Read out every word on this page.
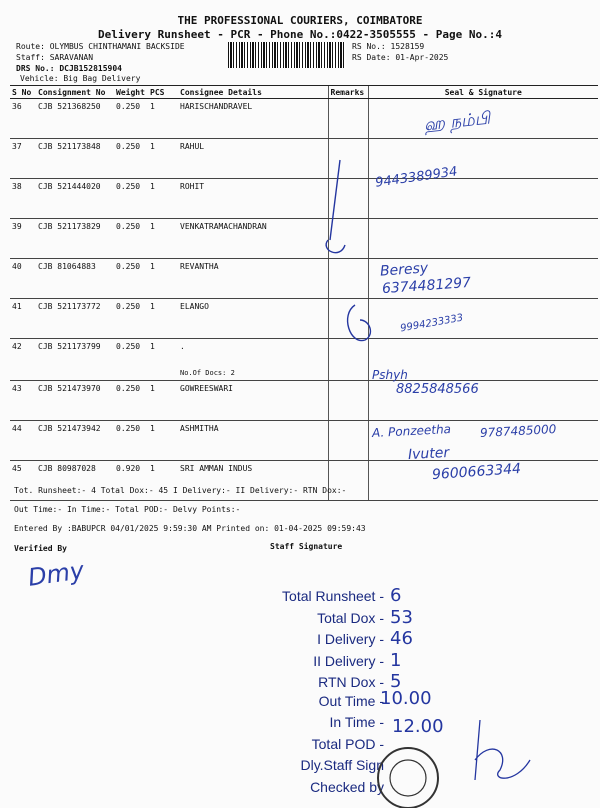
THE PROFESSIONAL COURIERS, COIMBATORE
Delivery Runsheet - PCR - Phone No.:0422-3505555 - Page No.:4
Route: OLYMBUS CHINTHAMANI BACKSIDE
Staff: SARAVANAN
DRS No.: DCJB152815904
Vehicle: Big Bag Delivery
RS No.: 1528159
RS Date: 01-Apr-2025
S No	Consignment No	Weight	PCS	Consignee Details	Remarks	Seal & Signature
36	CJB 521368250	0.250	1	HARISCHANDRAVEL

37	CJB 521173848	0.250	1	RAHUL

38	CJB 521444020	0.250	1	ROHIT

39	CJB 521173829	0.250	1	VENKATRAMACHANDRAN

40	CJB 81064883	0.250	1	REVANTHA

41	CJB 521173772	0.250	1	ELANGO

42	CJB 521173799	0.250	1	.
No.Of Docs: 2		

43	CJB 521473970	0.250	1	GOWREESWARI

44	CJB 521473942	0.250	1	ASHMITHA

45	CJB 80987028	0.920	1	SRI AMMAN INDUS

ஹ நம்பி
9443389934
Beresy
6374481297
9994233333
Pshyh
8825848566
A. Ponzeetha 9787485000
Ivuter
9600663344
Tot. Runsheet:- 4 Total Dox:- 45 I Delivery:- II Delivery:- RTN Dox:-
Out Time:- In Time:- Total POD:- Delvy Points:-
Entered By :BABUPCR 04/01/2025 9:59:30 AM Printed on: 01-04-2025 09:59:43
Verified By	Staff Signature
Dmy
Total Runsheet - 6
Total Dox - 53
I Delivery - 46
II Delivery - 1
RTN Dox - 5
Out Time -
In Time -
Total POD -
Dly.Staff Sign
Checked by
10.00
12.00
